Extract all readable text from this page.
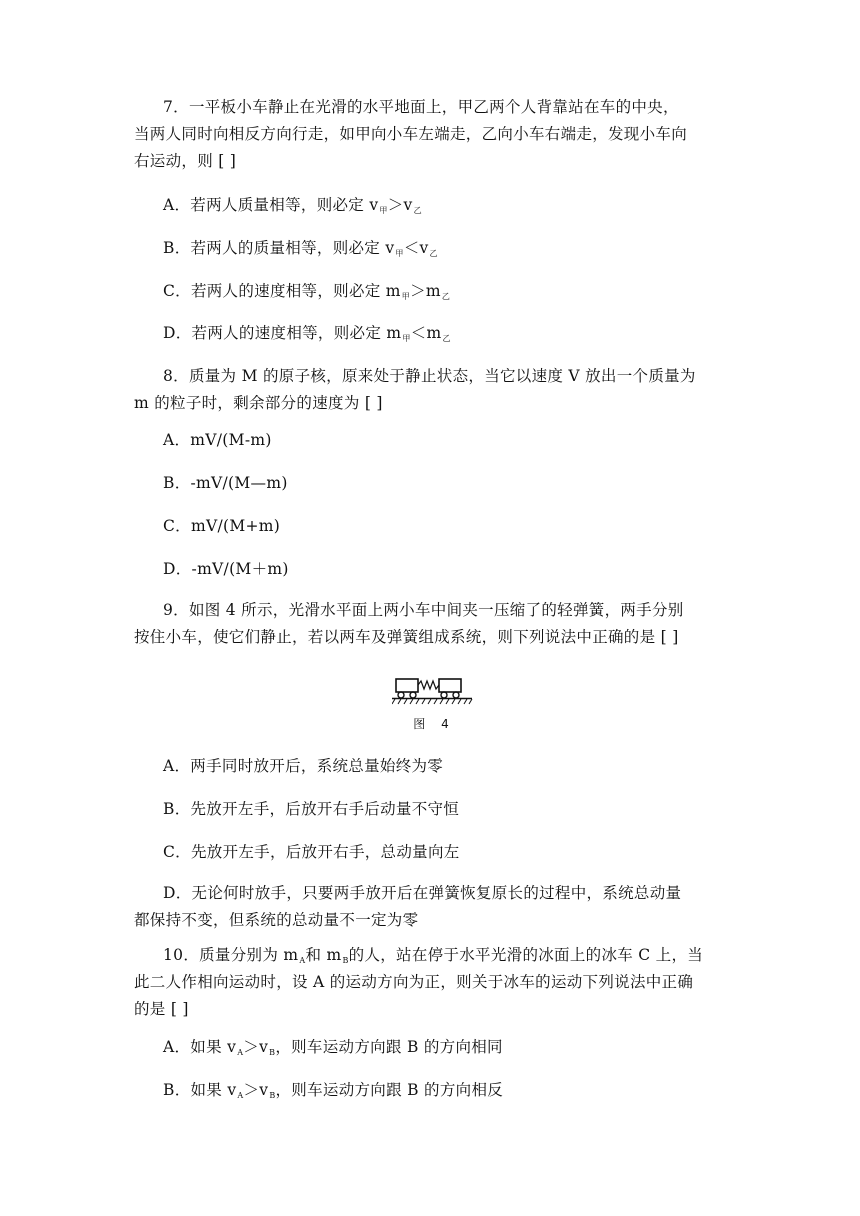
7．一平板小车静止在光滑的水平地面上，甲乙两个人背靠站在车的中央，
当两人同时向相反方向行走，如甲向小车左端走，乙向小车右端走，发现小车向
右运动，则 [ ]
A．若两人质量相等，则必定 $v_甲>v_乙$
B．若两人的质量相等，则必定 $v_甲<v_乙$
C．若两人的速度相等，则必定 $m_甲>m_乙$
D．若两人的速度相等，则必定 $m_甲<m_乙$
8．质量为 M 的原子核，原来处于静止状态，当它以速度 V 放出一个质量为
m 的粒子时，剩余部分的速度为 [ ]
A．mV/(M-m)
B．-mV/(M—m)
C．mV/(M+m)
D．-mV/(M＋m)
9．如图 4 所示，光滑水平面上两小车中间夹一压缩了的轻弹簧，两手分别
按住小车，使它们静止，若以两车及弹簧组成系统，则下列说法中正确的是 [ ]
图 4
A．两手同时放开后，系统总量始终为零
B．先放开左手，后放开右手后动量不守恒
C．先放开左手，后放开右手，总动量向左
D．无论何时放手，只要两手放开后在弹簧恢复原长的过程中，系统总动量
都保持不变，但系统的总动量不一定为零
10．质量分别为 $m_A$和 $m_B$的人，站在停于水平光滑的冰面上的冰车 C 上，当
此二人作相向运动时，设 A 的运动方向为正，则关于冰车的运动下列说法中正确
的是 [ ]
A．如果 $v_A>v_B$，则车运动方向跟 B 的方向相同
B．如果 $v_A>v_B$，则车运动方向跟 B 的方向相反
